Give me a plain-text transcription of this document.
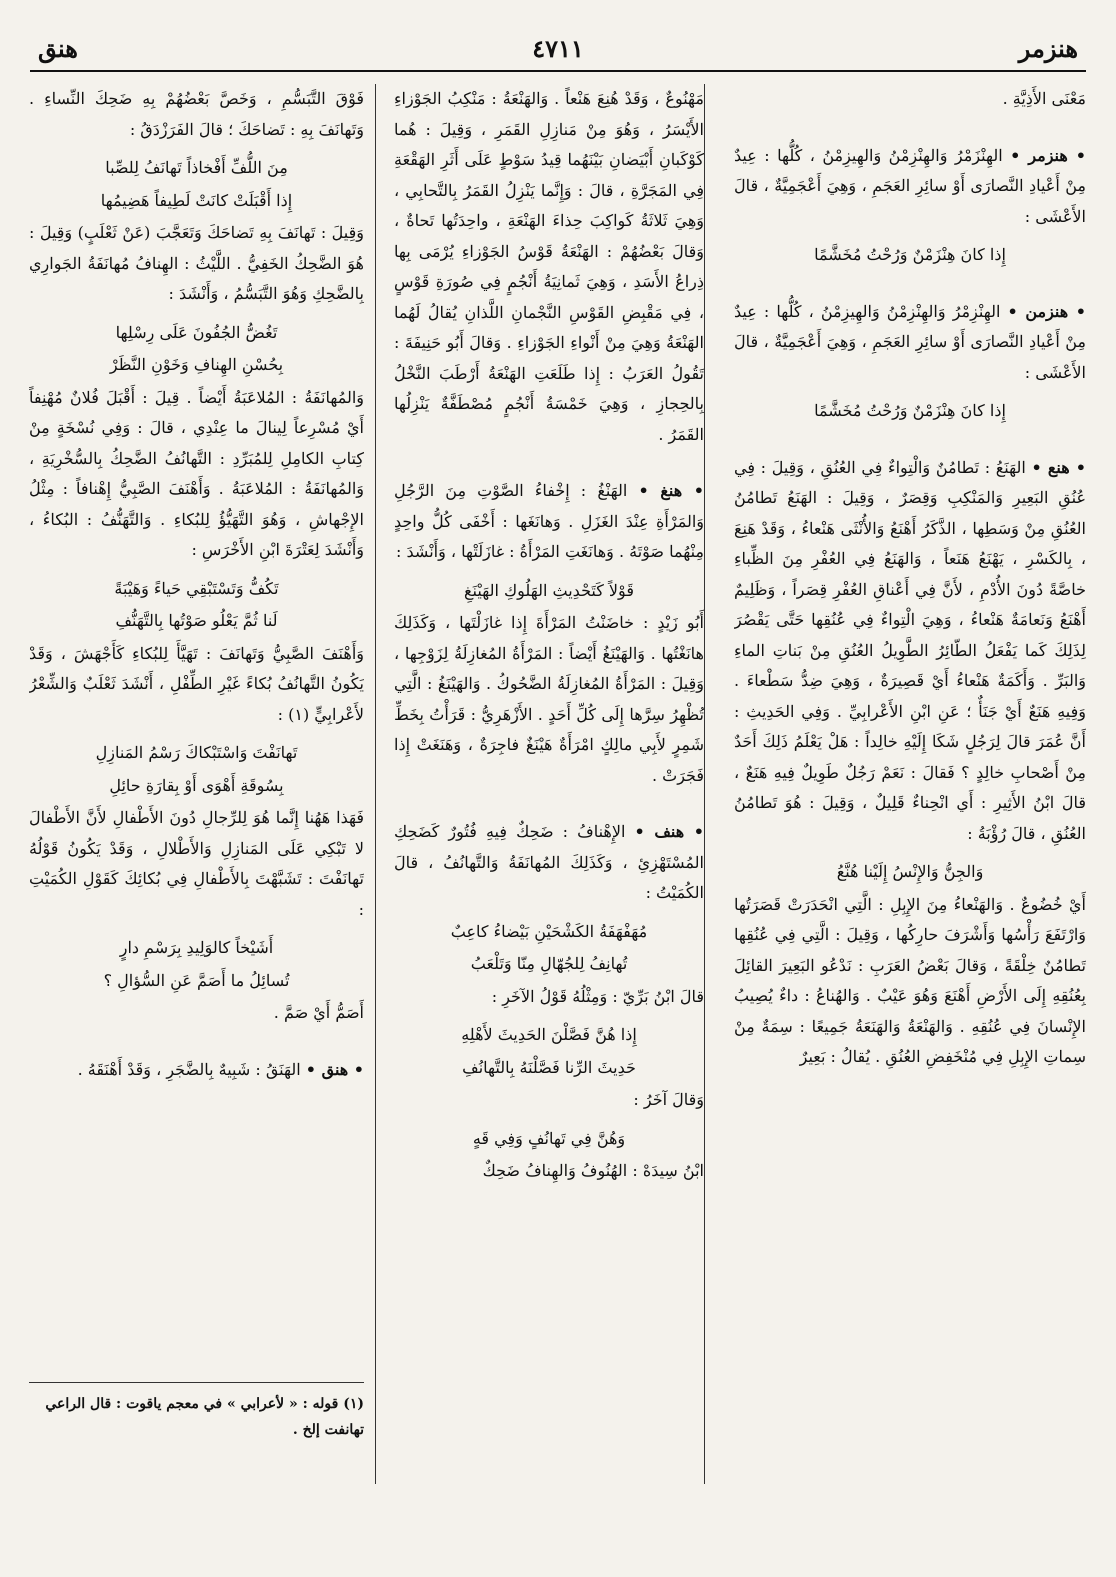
هنزمر
٤٧١١
هنق

مَعْنَى الأَذِيَّةِ .

• هنزمر • الهِنْزَمْرُ وَالهِنْزِمْنُ وَالهِيزِمْنُ ، كُلُّها : عِيدٌ مِنْ أَعْيادِ النَّصارَى أَوْ سائِرِ العَجَمِ ، وَهِيَ أَعْجَمِيَّةٌ ، قالَ الأَعْشَى :

إِذا كانَ هِنْزَمْنٌ وَرُحْتُ مُخَشَّمًا

• هنزمن • الهِنْزِمْرُ وَالهِنْزِمْنُ وَالهِيزِمْنُ ، كُلُّها : عِيدٌ مِنْ أَعْيادِ النَّصارَى أَوْ سائِرِ العَجَمِ ، وَهِيَ أَعْجَمِيَّةٌ ، قالَ الأَعْشَى :

إِذا كانَ هِنْزَمْنٌ وَرُحْتُ مُخَشَّمًا

• هنع • الهَنَعُ : تَطامُنٌ وَالْتِواءٌ فِي العُنُقِ ، وَقِيلَ : فِي عُنُقِ البَعِيرِ وَالمَنْكِبِ وَقِصَرٌ ، وَقِيلَ : الهَنَعُ تَطامُنُ العُنُقِ مِنْ وَسَطِها ، الذَّكَرُ أَهْنَعُ وَالأُنْثَى هَنْعاءُ ، وَقَدْ هَنِعَ ، بِالكَسْرِ ، يَهْنَعُ هَنَعاً ، وَالهَنَعُ فِي العُفْرِ مِنَ الظِّباءِ خاصَّةً دُونَ الأُدْمِ ، لأَنَّ فِي أَعْناقِ العُفْرِ قِصَراً ، وَظَلِيمٌ أَهْنَعُ وَنَعامَةٌ هَنْعاءُ ، وَهِيَ الْتِواءٌ فِي عُنُقِها حَتَّى يَقْصُرَ لِذَلِكَ كَما يَفْعَلُ الطّائِرُ الطَّوِيلُ العُنُقِ مِنْ بَناتِ الماءِ وَالبَرِّ . وَأَكَمَةٌ هَنْعاءُ أَيْ قَصِيرَةٌ ، وَهِيَ ضِدُّ سَطْعاءَ . وَفِيهِ هَنَعٌ أَيْ جَنَأٌ ؛ عَنِ ابْنِ الأَعْرابِيِّ . وَفِي الحَدِيثِ : أَنَّ عُمَرَ قالَ لِرَجُلٍ شَكَا إِلَيْهِ خالِداً : هَلْ يَعْلَمُ ذَلِكَ أَحَدٌ مِنْ أَصْحابِ خالِدٍ ؟ فَقالَ : نَعَمْ رَجُلٌ طَوِيلٌ فِيهِ هَنَعٌ ، قالَ ابْنُ الأَثِيرِ : أَي انْحِناءٌ قَلِيلٌ ، وَقِيلَ : هُوَ تَطامُنُ العُنُقِ ، قالَ رُؤْبَةُ :

وَالجِنُّ وَالإِنْسُ إِلَيْنا هُنَّعُ

أَيْ خُضُوعٌ . وَالهَنْعاءُ مِنَ الإِبِلِ : الَّتِي انْحَدَرَتْ قَصَرَتُها وَارْتَفَعَ رَأْسُها وَأَشْرَفَ حارِكُها ، وَقِيلَ : الَّتِي فِي عُنُقِها تَطامُنٌ خِلْقَةً ، وَقالَ بَعْضُ العَرَبِ : نَدْعُو البَعِيرَ القائِلَ بِعُنُقِهِ إِلَى الأَرْضِ أَهْنَعَ وَهُوَ عَيْبٌ . وَالهُناعُ : داءٌ يُصِيبُ الإِنْسانَ فِي عُنُقِهِ . وَالهَنْعَةُ وَالهَنَعَةُ جَمِيعًا : سِمَةٌ مِنْ سِماتِ الإِبِلِ فِي مُنْخَفِضِ العُنُقِ . يُقالُ : بَعِيرٌ

مَهْنُوعٌ ، وَقَدْ هُنِعَ هَنْعاً . وَالهَنْعَةُ : مَنْكِبُ الجَوْزاءِ الأَيْسَرُ ، وَهُوَ مِنْ مَنازِلِ القَمَرِ ، وَقِيلَ : هُما كَوْكَبانِ أَبْيَضانِ بَيْنَهُما قِيدُ سَوْطٍ عَلَى أَثَرِ الهَقْعَةِ فِي المَجَرَّةِ ، قالَ : وَإِنَّما يَنْزِلُ القَمَرُ بِالتَّحابِي ، وَهِيَ ثَلاثَةُ كَواكِبَ حِذاءَ الهَنْعَةِ ، واحِدَتُها تَحاةٌ ، وَقالَ بَعْضُهُمْ : الهَنْعَةُ قَوْسُ الجَوْزاءِ يُرْمَى بِها ذِراعُ الأَسَدِ ، وَهِيَ ثَمانِيَةُ أَنْجُمٍ فِي صُورَةِ قَوْسٍ ، فِي مَقْبِضِ القَوْسِ النَّجْمانِ اللَّذانِ يُقالُ لَهُما الهَنْعَةُ وَهِيَ مِنْ أَنْواءِ الجَوْزاءِ . وَقالَ أَبُو حَنِيفَةَ : تَقُولُ العَرَبُ : إِذا طَلَعَتِ الهَنْعَةُ أَرْطَبَ النَّخْلُ بِالحِجازِ ، وَهِيَ خَمْسَةُ أَنْجُمٍ مُصْطَفَّةٌ يَنْزِلُها القَمَرُ .

• هنغ • الهَنْغُ : إِخْفاءُ الصَّوْتِ مِنَ الرَّجُلِ وَالمَرْأَةِ عِنْدَ الغَزَلِ . وَهانَغَها : أَخْفَى كُلُّ واحِدٍ مِنْهُما صَوْتَهُ . وَهانَغَتِ المَرْأَةُ : غازَلَتْها ، وَأَنْشَدَ :

قَوْلاً كَتَحْدِيثِ الهَلُوكِ الهَيْنَغِ

أَبُو زَيْدٍ : خاضَنْتُ المَرْأَةَ إِذا غازَلْتَها ، وَكَذَلِكَ هانَغْتُها . وَالهَيْنَغُ أَيْضاً : المَرْأَةُ المُغازِلَةُ لِزَوْجِها ، وَقِيلَ : المَرْأَةُ المُغازِلَةُ الضَّحُوكُ . وَالهَيْنَغُ : الَّتِي تُظْهِرُ سِرَّها إِلَى كُلِّ أَحَدٍ . الأَزْهَرِيُّ : قَرَأْتُ بِخَطِّ شَمِرٍ لأَبِي مالِكٍ امْرَأَةٌ هَيْنَغٌ فاجِرَةٌ ، وَهَنَغَتْ إِذا فَجَرَتْ .

• هنف • الإِهْنافُ : ضَحِكٌ فِيهِ فُتُورٌ كَضَحِكِ المُسْتَهْزِئِ ، وَكَذَلِكَ المُهانَفَةُ وَالتَّهانُفُ ، قالَ الكُمَيْتُ :

مُهَفْهَفَةُ الكَشْحَيْنِ بَيْضاءُ كاعِبٌ

تُهانِفُ لِلجُهّالِ مِنّا وَتَلْعَبُ

قالَ ابْنُ بَرِّيّ : وَمِثْلُهُ قَوْلُ الآخَرِ :

إِذا هُنَّ فَصَّلْنَ الحَدِيثَ لأَهْلِهِ

حَدِيثَ الرِّنا فَصَّلْنَهُ بِالتَّهانُفِ

وَقالَ آخَرُ :

وَهُنَّ فِي تَهانُفٍ وَفِي قَهٍ

ابْنُ سِيدَهْ : الهُنُوفُ وَالهِنافُ ضَحِكٌ

فَوْقَ التَّبَسُّمِ ، وَخَصَّ بَعْضُهُمْ بِهِ ضَحِكَ النِّساءِ . وَتَهانَفَ بِهِ : تَضاحَكَ ؛ قالَ الفَرَزْدَقُ :

مِنَ اللُّفِّ أَفْخاذاً تَهانَفُ لِلصِّبا

إِذا أَقْبَلَتْ كانَتْ لَطِيفاً هَضِيمُها

وَقِيلَ : تَهانَفَ بِهِ تَضاحَكَ وَتَعَجَّبَ (عَنْ ثَعْلَبٍ) وَقِيلَ : هُوَ الضَّحِكُ الخَفِيُّ . اللَّيْثُ : الهِنافُ مُهانَفَةُ الجَوارِي بِالضَّحِكِ وَهُوَ التَّبَسُّمُ ، وَأَنْشَدَ :

تَغُضُّ الجُفُونَ عَلَى رِسْلِها

بِحُسْنِ الهِنافِ وَخَوْنِ النَّظَرْ

وَالمُهانَفَةُ : المُلاعَبَةُ أَيْضاً . قِيلَ : أَقْبَلَ فُلانٌ مُهْنِفاً أَيْ مُسْرِعاً لِينالَ ما عِنْدِي ، قالَ : وَفِي نُسْخَةٍ مِنْ كِتابِ الكامِلِ لِلمُبَرِّدِ : التَّهانُفُ الضَّحِكُ بِالسُّخْرِيَةِ ، وَالمُهانَفَةُ : المُلاعَبَةُ . وَأَهْنَفَ الصَّبِيُّ إِهْنافاً : مِثْلُ الإِجْهاشِ ، وَهُوَ التَّهَيُّؤُ لِلبُكاءِ . وَالتَّهَنُّفُ : البُكاءُ ، وَأَنْشَدَ لِعَتْرَةَ ابْنِ الأَخْرَسِ :

تَكُفُّ وَتَسْتَبْقِي حَياءً وَهَيْبَةً

لَنا ثُمَّ يَعْلُو صَوْتُها بِالتَّهَنُّفِ

وَأَهْنَفَ الصَّبِيُّ وَتَهانَفَ : تَهَيَّأَ لِلبُكاءِ كَأَجْهَشَ ، وَقَدْ يَكُونُ التَّهانُفُ بُكاءً غَيْرِ الطِّفْلِ ، أَنْشَدَ ثَعْلَبٌ وَالشِّعْرُ لأَعْرابِيٍّ (١) :

تَهانَفْتَ وَاسْتَبْكاكَ رَسْمُ المَنازِلِ

بِسُوقَةِ أَهْوَى أَوْ بِقارَةِ حائِلِ

فَهَذا هَهُنا إِنَّما هُوَ لِلرِّجالِ دُونَ الأَطْفالِ لأَنَّ الأَطْفالَ لا تَبْكِي عَلَى المَنازِلِ وَالأَطْلالِ ، وَقَدْ يَكُونُ قَوْلُهُ تَهانَفْتَ : تَشَبَّهْتَ بِالأَطْفالِ فِي بُكائِكَ كَقَوْلِ الكُمَيْتِ :

أَشَيْخاً كالوَلِيدِ بِرَسْمِ دارٍ

تُسائِلُ ما أَصَمَّ عَنِ السُّؤالِ ؟

أَصَمُّ أَيْ صَمَّ .

• هنق • الهَنَقُ : شَبِيهٌ بِالضَّجَرِ ، وَقَدْ أَهْنَقَهُ .

(١) قوله : « لأعرابي » في معجم ياقوت : قال الراعي تهانفت إلخ .
